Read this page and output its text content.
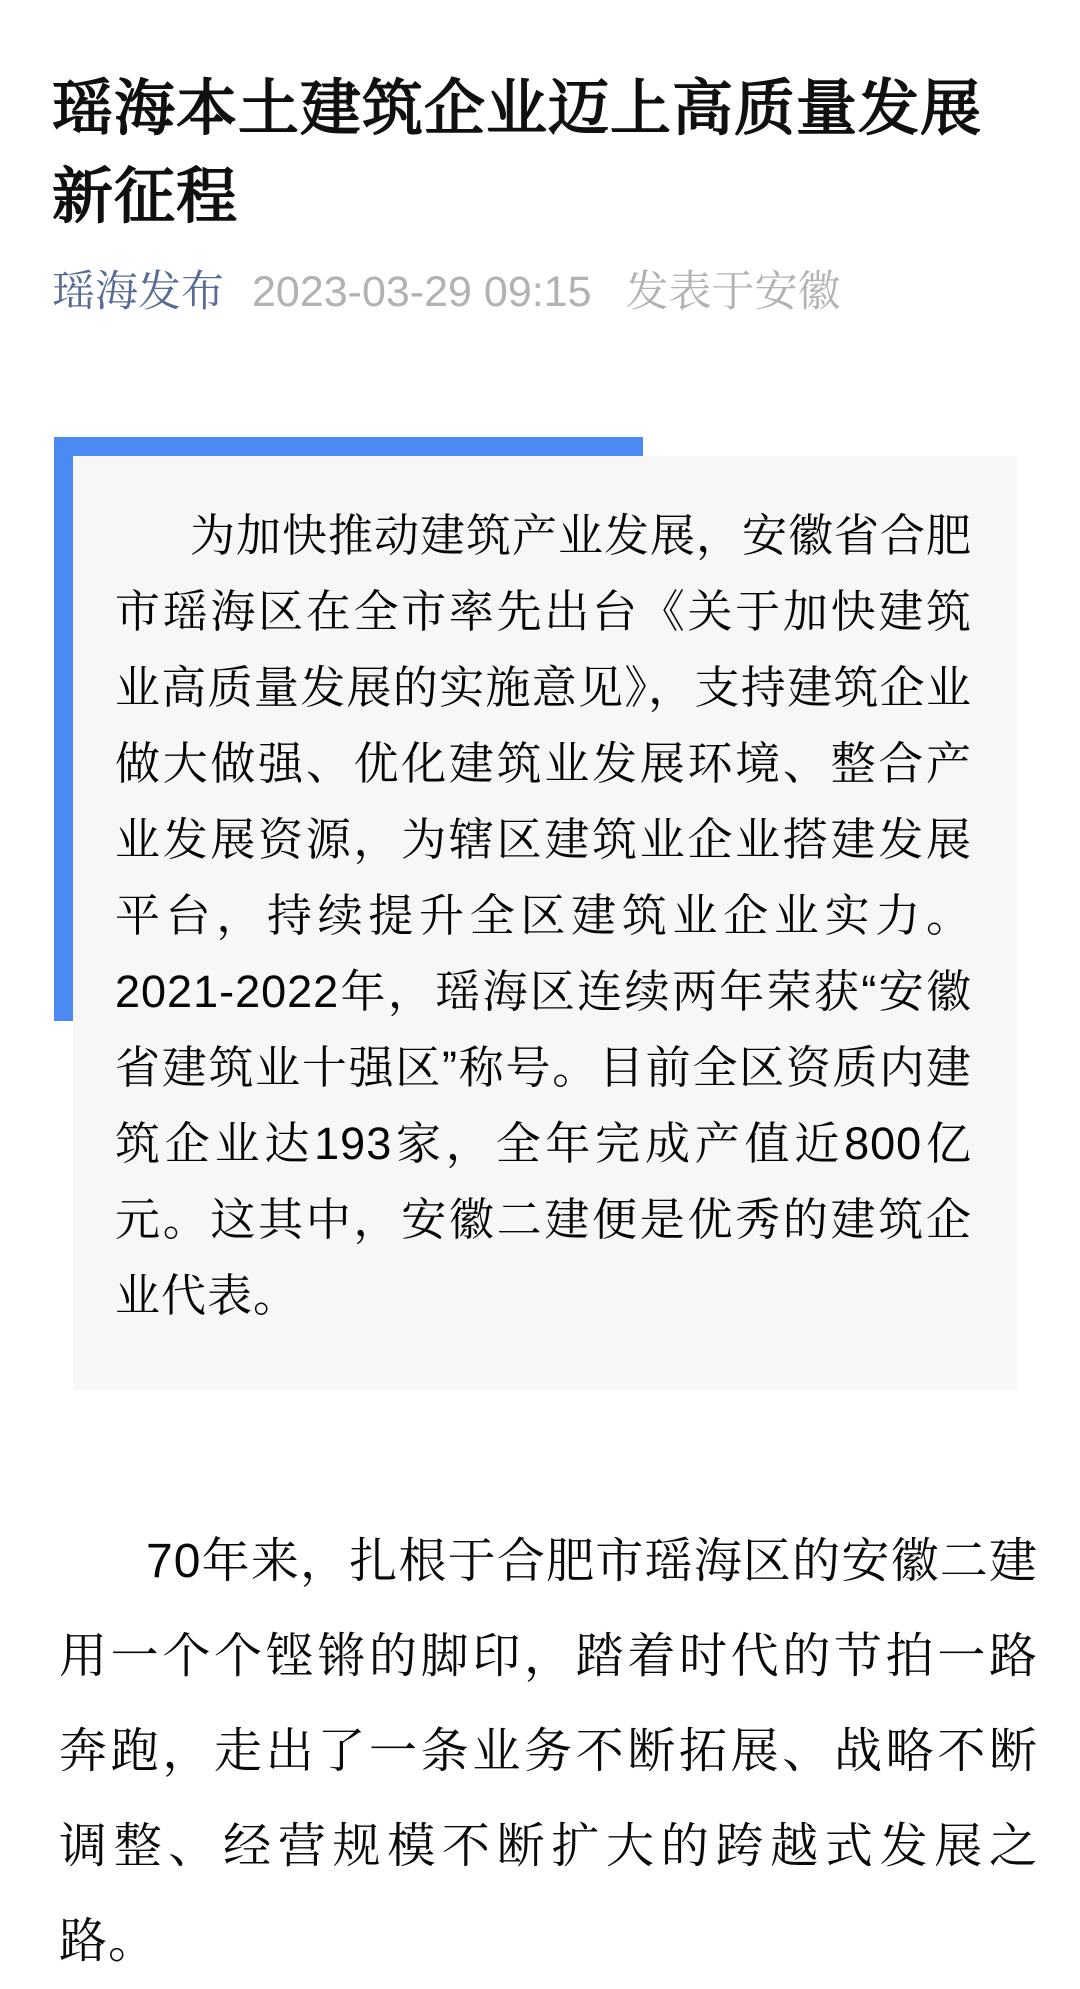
瑶海本土建筑企业迈上高质量发展新征程
瑶海发布 2023-03-29 09:15 发表于安徽

为加快推动建筑产业发展，安徽省合肥市瑶海区在全市率先出台《关于加快建筑业高质量发展的实施意见》，支持建筑企业做大做强、优化建筑业发展环境、整合产业发展资源，为辖区建筑业企业搭建发展平台，持续提升全区建筑业企业实力。2021-2022年，瑶海区连续两年荣获“安徽省建筑业十强区”称号。目前全区资质内建筑企业达193家，全年完成产值近800亿元。这其中，安徽二建便是优秀的建筑企业代表。

70年来，扎根于合肥市瑶海区的安徽二建用一个个铿锵的脚印，踏着时代的节拍一路奔跑，走出了一条业务不断拓展、战略不断调整、经营规模不断扩大的跨越式发展之路。
